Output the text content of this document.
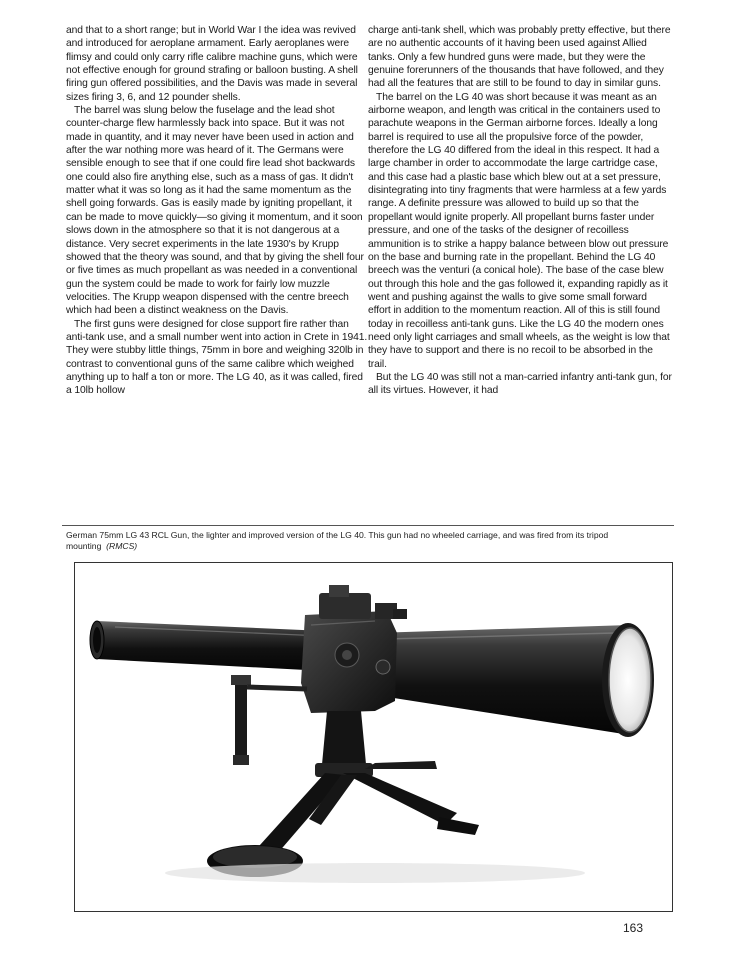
and that to a short range; but in World War I the idea was revived and introduced for aeroplane armament. Early aeroplanes were flimsy and could only carry rifle calibre machine guns, which were not effective enough for ground strafing or balloon busting. A shell firing gun offered possibilities, and the Davis was made in several sizes firing 3, 6, and 12 pounder shells.

The barrel was slung below the fuselage and the lead shot counter-charge flew harmlessly back into space. But it was not made in quantity, and it may never have been used in action and after the war nothing more was heard of it. The Germans were sensible enough to see that if one could fire lead shot backwards one could also fire anything else, such as a mass of gas. It didn't matter what it was so long as it had the same momentum as the shell going forwards. Gas is easily made by igniting propellant, it can be made to move quickly—so giving it momentum, and it soon slows down in the atmosphere so that it is not dangerous at a distance. Very secret experiments in the late 1930's by Krupp showed that the theory was sound, and that by giving the shell four or five times as much propellant as was needed in a conventional gun the system could be made to work for fairly low muzzle velocities. The Krupp weapon dispensed with the centre breech which had been a distinct weakness on the Davis.

The first guns were designed for close support fire rather than anti-tank use, and a small number went into action in Crete in 1941. They were stubby little things, 75mm in bore and weighing 320lb in contrast to conventional guns of the same calibre which weighed anything up to half a ton or more. The LG 40, as it was called, fired a 10lb hollow

charge anti-tank shell, which was probably pretty effective, but there are no authentic accounts of it having been used against Allied tanks. Only a few hundred guns were made, but they were the genuine forerunners of the thousands that have followed, and they had all the features that are still to be found to day in similar guns.

The barrel on the LG 40 was short because it was meant as an airborne weapon, and length was critical in the containers used to parachute weapons in the German airborne forces. Ideally a long barrel is required to use all the propulsive force of the powder, therefore the LG 40 differed from the ideal in this respect. It had a large chamber in order to accommodate the large cartridge case, and this case had a plastic base which blew out at a set pressure, disintegrating into tiny fragments that were harmless at a few yards range. A definite pressure was allowed to build up so that the propellant would ignite properly. All propellant burns faster under pressure, and one of the tasks of the designer of recoilless ammunition is to strike a happy balance between blow out pressure on the base and burning rate in the propellant. Behind the LG 40 breech was the venturi (a conical hole). The base of the case blew out through this hole and the gas followed it, expanding rapidly as it went and pushing against the walls to give some small forward effort in addition to the momentum reaction. All of this is still found today in recoilless anti-tank guns. Like the LG 40 the modern ones need only light carriages and small wheels, as the weight is low that they have to support and there is no recoil to be absorbed in the trail.

But the LG 40 was still not a man-carried infantry anti-tank gun, for all its virtues. However, it had

German 75mm LG 43 RCL Gun, the lighter and improved version of the LG 40. This gun had no wheeled carriage, and was fired from its tripod mounting (RMCS)
163
